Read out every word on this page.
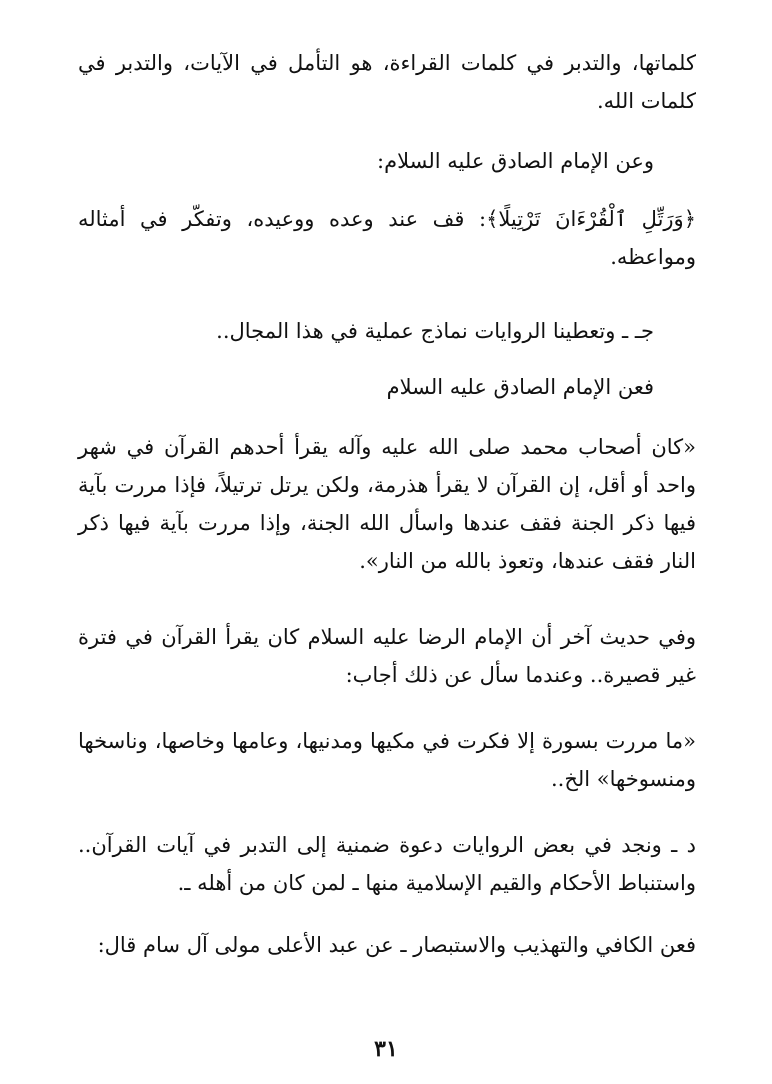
كلماتها، والتدبر في كلمات القراءة، هو التأمل في الآيات، والتدبر في كلمات الله.

وعن الإمام الصادق عليه السلام:

﴿وَرَتِّلِ ٱلْقُرْءَانَ تَرْتِيلًا﴾: قف عند وعده ووعيده، وتفكّر في أمثاله ومواعظه.

جـ ـ وتعطينا الروايات نماذج عملية في هذا المجال..

فعن الإمام الصادق عليه السلام

«كان أصحاب محمد صلى الله عليه وآله يقرأ أحدهم القرآن في شهر واحد أو أقل، إن القرآن لا يقرأ هذرمة، ولكن يرتل ترتيلاً، فإذا مررت بآية فيها ذكر الجنة فقف عندها واسأل الله الجنة، وإذا مررت بآية فيها ذكر النار فقف عندها، وتعوذ بالله من النار».

وفي حديث آخر أن الإمام الرضا عليه السلام كان يقرأ القرآن في فترة غير قصيرة.. وعندما سأل عن ذلك أجاب:

«ما مررت بسورة إلا فكرت في مكيها ومدنيها، وعامها وخاصها، وناسخها ومنسوخها» الخ..

د ـ ونجد في بعض الروايات دعوة ضمنية إلى التدبر في آيات القرآن.. واستنباط الأحكام والقيم الإسلامية منها ـ لمن كان من أهله ـ.

فعن الكافي والتهذيب والاستبصار ـ عن عبد الأعلى مولى آل سام قال:

٣١
